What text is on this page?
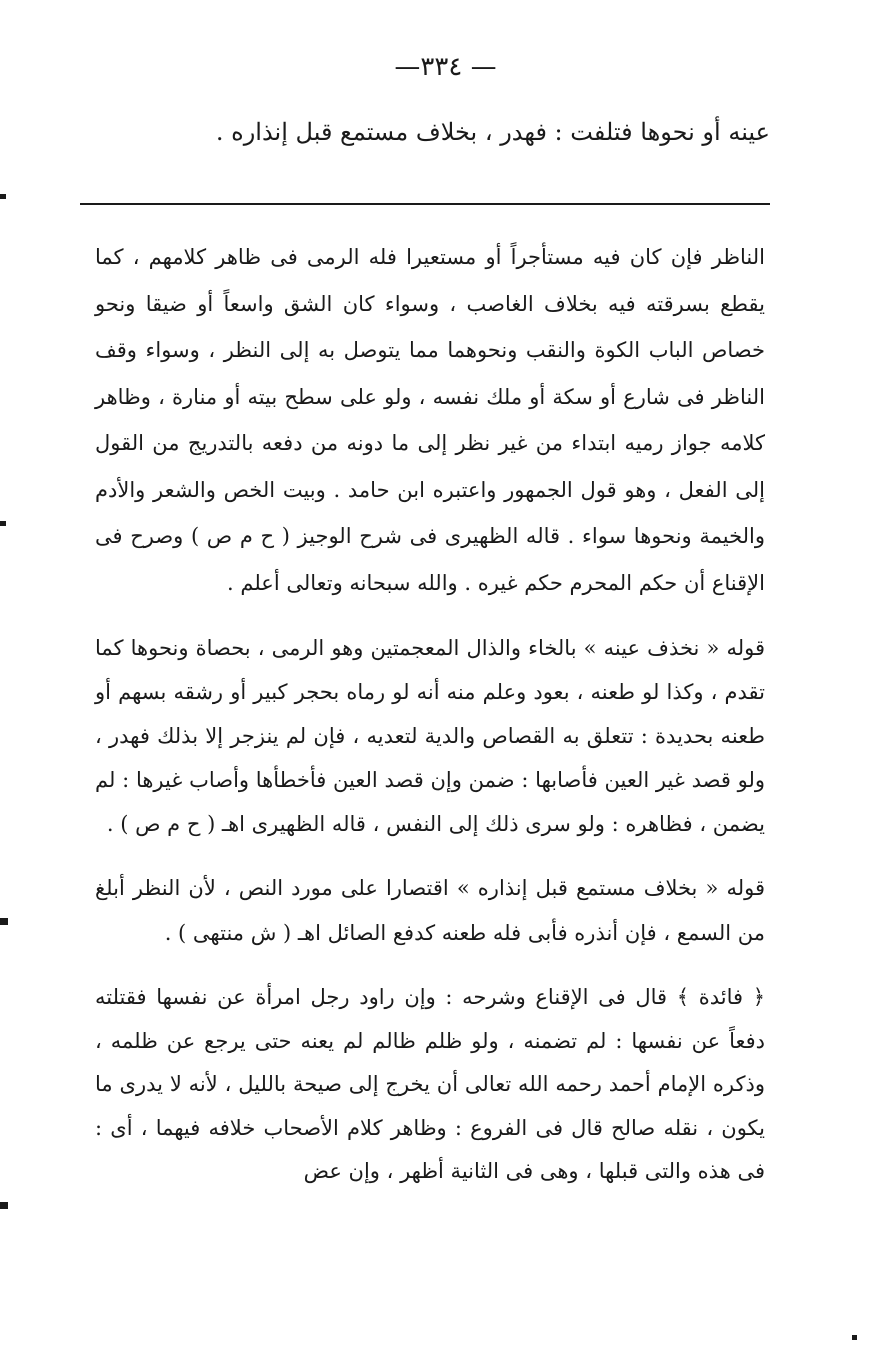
—٣٣٤ —

عينه أو نحوها فتلفت : فهدر ، بخلاف مستمع قبل إنذاره .

الناظر فإن كان فيه مستأجراً أو مستعيرا فله الرمى فى ظاهر كلامهم ، كما يقطع بسرقته فيه بخلاف الغاصب ، وسواء كان الشق واسعاً أو ضيقا ونحو خصاص الباب الكوة والنقب ونحوهما مما يتوصل به إلى النظر ، وسواء وقف الناظر فى شارع أو سكة أو ملك نفسه ، ولو على سطح بيته أو منارة ، وظاهر كلامه جواز رميه ابتداء من غير نظر إلى ما دونه من دفعه بالتدريج من القول إلى الفعل ، وهو قول الجمهور واعتبره ابن حامد . وبيت الخص والشعر والأدم والخيمة ونحوها سواء . قاله الظهيرى فى شرح الوجيز ( ح م ص ) وصرح فى الإقناع أن حكم المحرم حكم غيره . والله سبحانه وتعالى أعلم .

قوله « نخذف عينه » بالخاء والذال المعجمتين وهو الرمى ، بحصاة ونحوها كما تقدم ، وكذا لو طعنه ، بعود وعلم منه أنه لو رماه بحجر كبير أو رشقه بسهم أو طعنه بحديدة : تتعلق به القصاص والدية لتعديه ، فإن لم ينزجر إلا بذلك فهدر ، ولو قصد غير العين فأصابها : ضمن وإن قصد العين فأخطأها وأصاب غيرها : لم يضمن ، فظاهره : ولو سرى ذلك إلى النفس ، قاله الظهيرى اهـ ( ح م ص ) .

قوله « بخلاف مستمع قبل إنذاره » اقتصارا على مورد النص ، لأن النظر أبلغ من السمع ، فإن أنذره فأبى فله طعنه كدفع الصائل اهـ ( ش منتهى ) .

﴿ فائدة ﴾ قال فى الإقناع وشرحه : وإن راود رجل امرأة عن نفسها فقتلته دفعاً عن نفسها : لم تضمنه ، ولو ظلم ظالم لم يعنه حتى يرجع عن ظلمه ، وذكره الإمام أحمد رحمه الله تعالى أن يخرج إلى صيحة بالليل ، لأنه لا يدرى ما يكون ، نقله صالح قال فى الفروع : وظاهر كلام الأصحاب خلافه فيهما ، أى : فى هذه والتى قبلها ، وهى فى الثانية أظهر ، وإن عض
